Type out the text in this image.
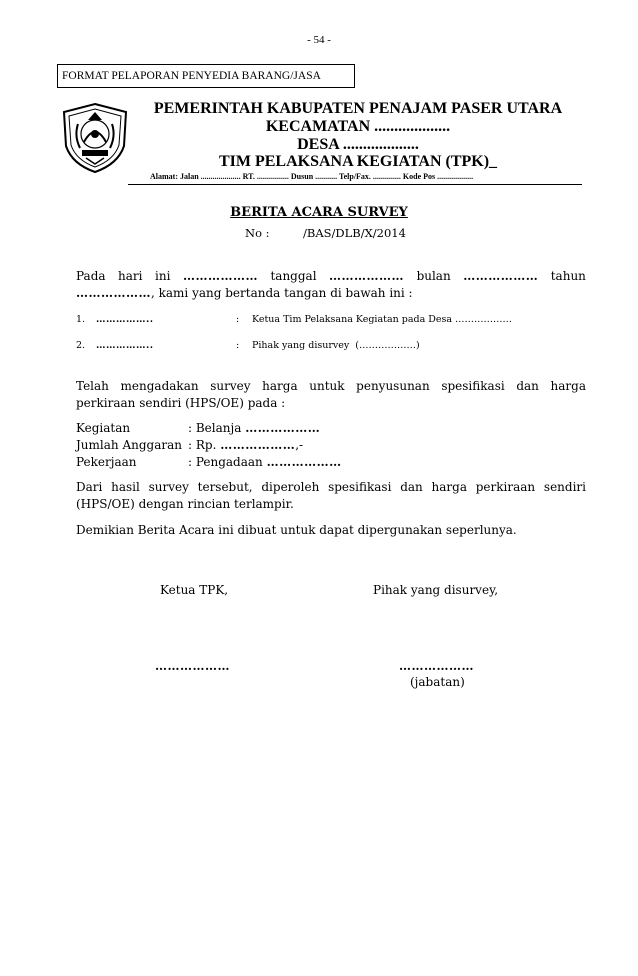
- 54 -
FORMAT PELAPORAN PENYEDIA BARANG/JASA
PEMERINTAH KABUPATEN PENAJAM PASER UTARA
KECAMATAN ...................
DESA ...................
TIM PELAKSANA KEGIATAN (TPK)_
Alamat: Jalan .................... RT. ................ Dusun ........... Telp/Fax. .............. Kode Pos ..................
BERITA ACARA SURVEY
No :	/BAS/DLB/X/2014
Pada hari ini ……………… tanggal ……………… bulan ……………… tahun
………………, kami yang bertanda tangan di bawah ini :
1. ……………..	: Ketua Tim Pelaksana Kegiatan pada Desa ………………
2. ……………..	: Pihak yang disurvey (………………)
Telah mengadakan survey harga untuk penyusunan spesifikasi dan harga perkiraan sendiri (HPS/OE) pada :
Kegiatan	: Belanja ………………
Jumlah Anggaran : Rp. ………………,-
Pekerjaan	: Pengadaan ………………
Dari hasil survey tersebut, diperoleh spesifikasi dan harga perkiraan sendiri (HPS/OE) dengan rincian terlampir.
Demikian Berita Acara ini dibuat untuk dapat dipergunakan seperlunya.
Ketua TPK,	Pihak yang disurvey,
………………	………………
(jabatan)
